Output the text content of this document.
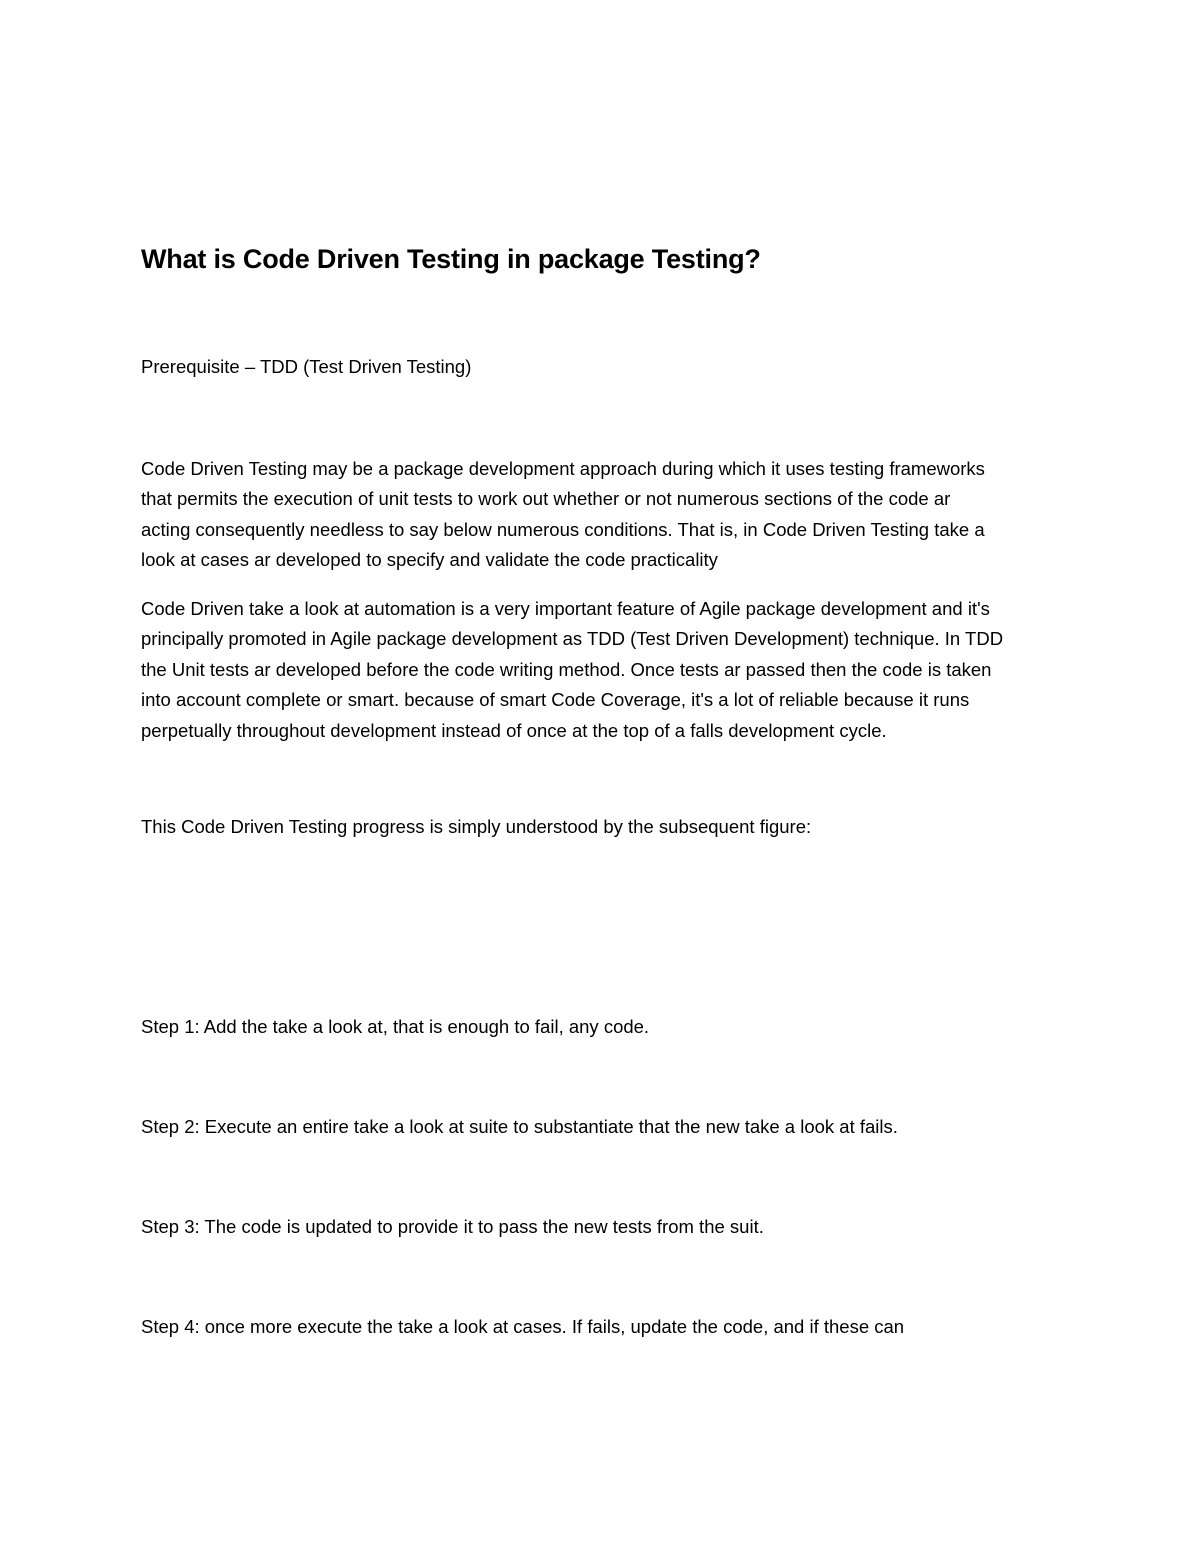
What is Code Driven Testing in package Testing?

Prerequisite – TDD (Test Driven Testing)

Code Driven Testing may be a package development approach during which it uses testing frameworks
that permits the execution of unit tests to work out whether or not numerous sections of the code ar
acting consequently needless to say below numerous conditions. That is, in Code Driven Testing take a
look at cases ar developed to specify and validate the code practicality

Code Driven take a look at automation is a very important feature of Agile package development and it's
principally promoted in Agile package development as TDD (Test Driven Development) technique. In TDD
the Unit tests ar developed before the code writing method. Once tests ar passed then the code is taken
into account complete or smart. because of smart Code Coverage, it's a lot of reliable because it runs
perpetually throughout development instead of once at the top of a falls development cycle.

This Code Driven Testing progress is simply understood by the subsequent figure:

Step 1: Add the take a look at, that is enough to fail, any code.

Step 2: Execute an entire take a look at suite to substantiate that the new take a look at fails.

Step 3: The code is updated to provide it to pass the new tests from the suit.

Step 4: once more execute the take a look at cases. If fails, update the code, and if these can
